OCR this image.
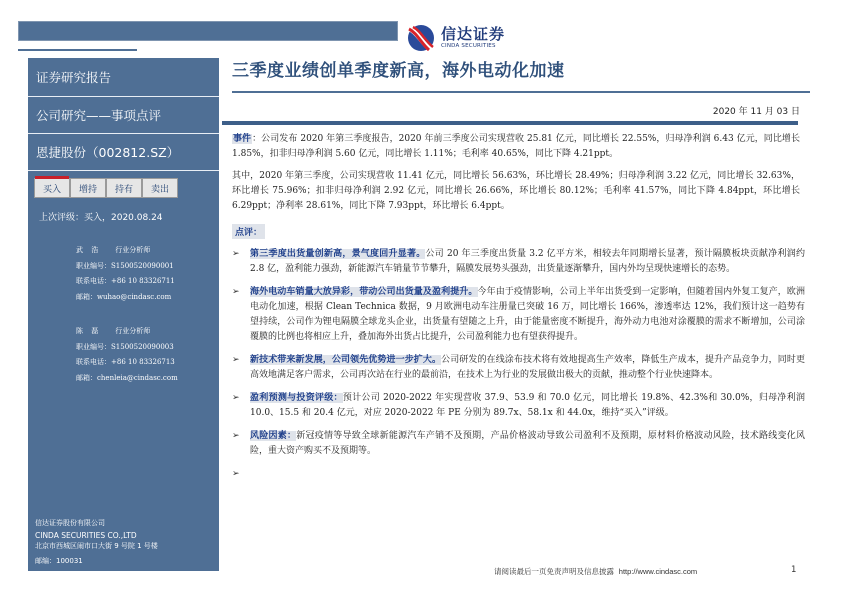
信达证券
CINDA SECURITIES
证券研究报告
公司研究——事项点评
恩捷股份（002812.SZ）
买入	增持	持有	卖出
上次评级：买入，2020.08.24
武 浩 行业分析师
职业编号：S1500520090001
联系电话：+86 10 83326711
邮箱：wuhao@cindasc.com
陈 磊 行业分析师
职业编号：S1500520090003
联系电话：+86 10 83326713
邮箱：chenleia@cindasc.com
信达证券股份有限公司
CINDA SECURITIES CO.,LTD
北京市西城区闹市口大街 9 号院 1 号楼
邮编：100031
三季度业绩创单季度新高，海外电动化加速
2020 年 11 月 03 日
事件：公司发布 2020 年第三季度报告，2020 年前三季度公司实现营收 25.81 亿元，同比增长 22.55%，归母净利润 6.43 亿元，同比增长 1.85%，扣非归母净利润 5.60 亿元，同比增长 1.11%；毛利率 40.65%，同比下降 4.21ppt。
其中，2020 年第三季度，公司实现营收 11.41 亿元，同比增长 56.63%，环比增长 28.49%；归母净利润 3.22 亿元，同比增长 32.63%，环比增长 75.96%；扣非归母净利润 2.92 亿元，同比增长 26.66%，环比增长 80.12%；毛利率 41.57%，同比下降 4.84ppt，环比增长 6.29ppt；净利率 28.61%，同比下降 7.93ppt，环比增长 6.4ppt。
点评：
➢	第三季度出货量创新高，景气度回升显著。公司 20 年三季度出货量 3.2 亿平方米，相较去年同期增长显著，预计隔膜板块贡献净利润约 2.8 亿，盈利能力强劲，新能源汽车销量节节攀升，隔膜发展势头强劲，出货量逐渐攀升，国内外均呈现快速增长的态势。
➢	海外电动车销量大放异彩，带动公司出货量及盈利提升。今年由于疫情影响，公司上半年出货受到一定影响，但随着国内外复工复产，欧洲电动化加速，根据 Clean Technica 数据，9 月欧洲电动车注册量已突破 16 万，同比增长 166%，渗透率达 12%，我们预计这一趋势有望持续，公司作为锂电隔膜全球龙头企业，出货量有望随之上升，由于能量密度不断提升，海外动力电池对涂覆膜的需求不断增加，公司涂覆膜的比例也将相应上升，叠加海外出货占比提升，公司盈利能力也有望获得提升。
➢	新技术带来新发展，公司领先优势进一步扩大。公司研发的在线涂布技术将有效地提高生产效率，降低生产成本，提升产品竞争力，同时更高效地满足客户需求，公司再次站在行业的最前沿，在技术上为行业的发展做出极大的贡献，推动整个行业快速降本。
➢	盈利预测与投资评级：预计公司 2020-2022 年实现营收 37.9、53.9 和 70.0 亿元，同比增长 19.8%、42.3%和 30.0%，归母净利润 10.0、15.5 和 20.4 亿元，对应 2020-2022 年 PE 分别为 89.7x、58.1x 和 44.0x，维持“买入”评级。
➢	风险因素：新冠疫情等导致全球新能源汽车产销不及预期，产品价格波动导致公司盈利不及预期，原材料价格波动风险，技术路线变化风险，重大资产购买不及预期等。
➢
请阅读最后一页免责声明及信息披露 http://www.cindasc.com	1
